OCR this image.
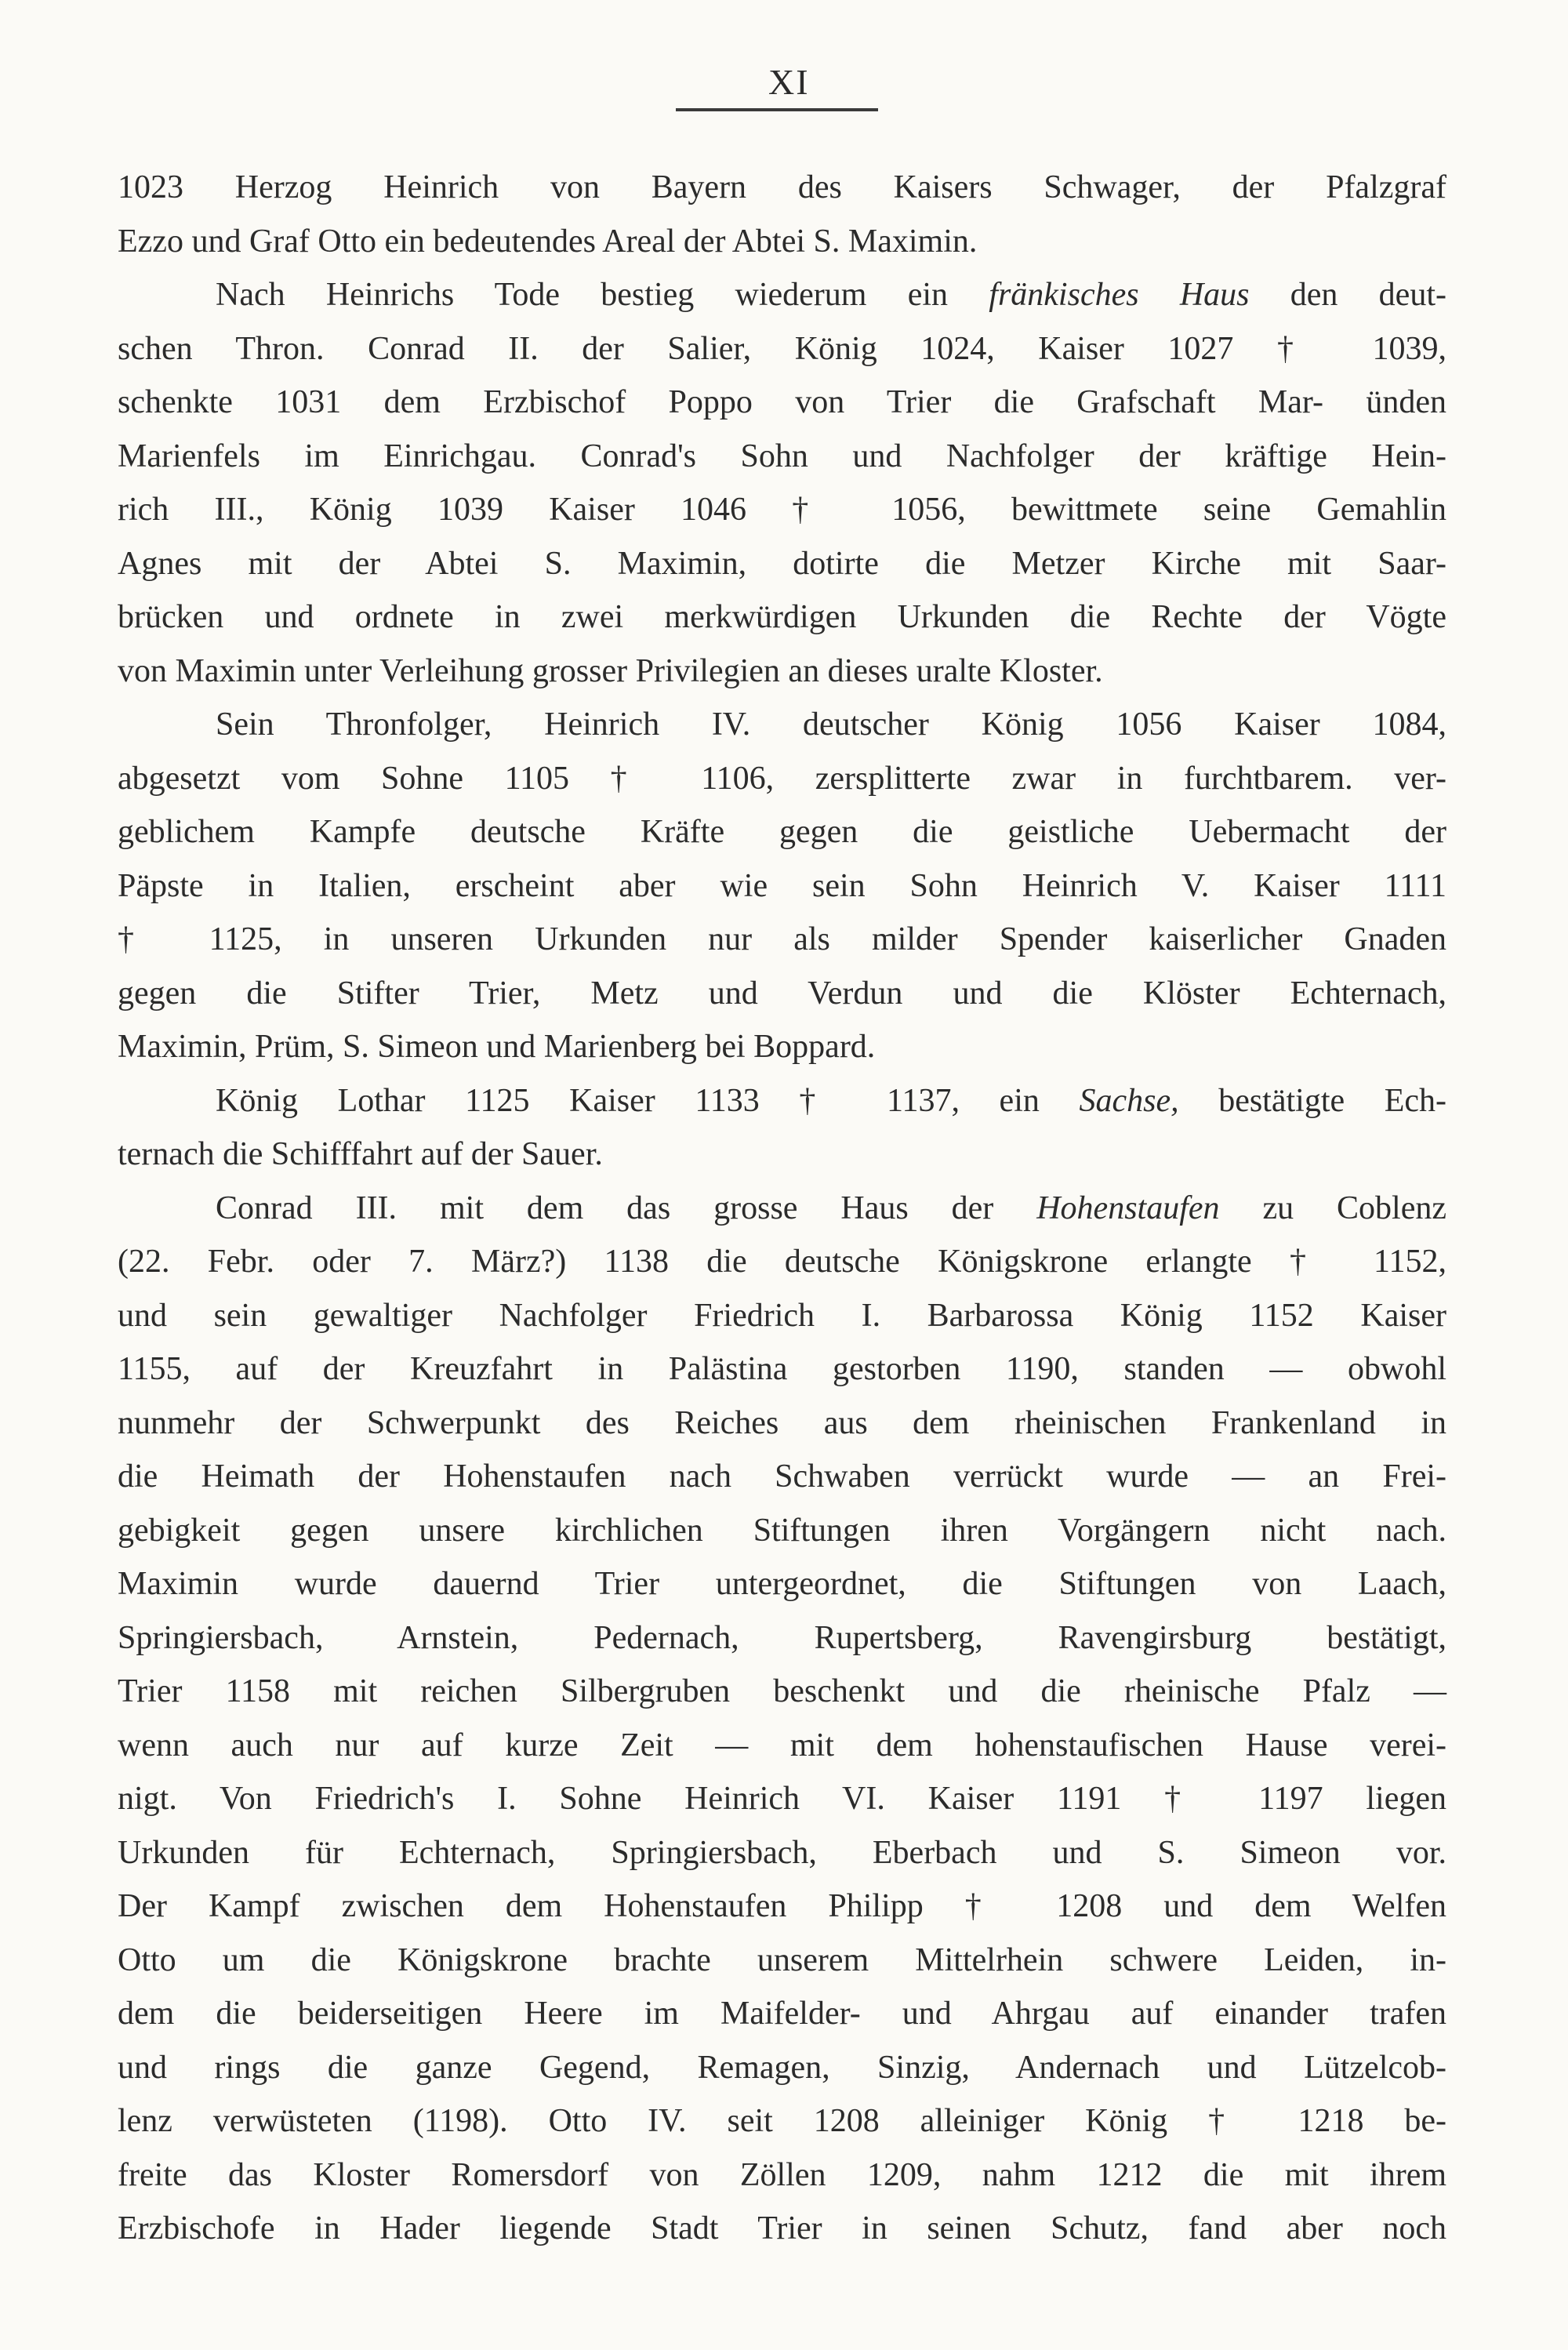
XI
1023 Herzog Heinrich von Bayern des Kaisers Schwager, der Pfalzgraf
Ezzo und Graf Otto ein bedeutendes Areal der Abtei S. Maximin.
Nach Heinrichs Tode bestieg wiederum ein fränkisches Haus den deut-
schen Thron. Conrad II. der Salier, König 1024, Kaiser 1027 † 1039,
schenkte 1031 dem Erzbischof Poppo von Trier die Grafschaft Mar- ünden
Marienfels im Einrichgau. Conrad's Sohn und Nachfolger der kräftige Hein-
rich III., König 1039 Kaiser 1046 † 1056, bewittmete seine Gemahlin
Agnes mit der Abtei S. Maximin, dotirte die Metzer Kirche mit Saar-
brücken und ordnete in zwei merkwürdigen Urkunden die Rechte der Vögte
von Maximin unter Verleihung grosser Privilegien an dieses uralte Kloster.
Sein Thronfolger, Heinrich IV. deutscher König 1056 Kaiser 1084,
abgesetzt vom Sohne 1105 † 1106, zersplitterte zwar in furchtbarem. ver-
geblichem Kampfe deutsche Kräfte gegen die geistliche Uebermacht der
Päpste in Italien, erscheint aber wie sein Sohn Heinrich V. Kaiser 1111
† 1125, in unseren Urkunden nur als milder Spender kaiserlicher Gnaden
gegen die Stifter Trier, Metz und Verdun und die Klöster Echternach,
Maximin, Prüm, S. Simeon und Marienberg bei Boppard.
König Lothar 1125 Kaiser 1133 † 1137, ein Sachse, bestätigte Ech-
ternach die Schifffahrt auf der Sauer.
Conrad III. mit dem das grosse Haus der Hohenstaufen zu Coblenz
(22. Febr. oder 7. März?) 1138 die deutsche Königskrone erlangte † 1152,
und sein gewaltiger Nachfolger Friedrich I. Barbarossa König 1152 Kaiser
1155, auf der Kreuzfahrt in Palästina gestorben 1190, standen — obwohl
nunmehr der Schwerpunkt des Reiches aus dem rheinischen Frankenland in
die Heimath der Hohenstaufen nach Schwaben verrückt wurde — an Frei-
gebigkeit gegen unsere kirchlichen Stiftungen ihren Vorgängern nicht nach.
Maximin wurde dauernd Trier untergeordnet, die Stiftungen von Laach,
Springiersbach, Arnstein, Pedernach, Rupertsberg, Ravengirsburg bestätigt,
Trier 1158 mit reichen Silbergruben beschenkt und die rheinische Pfalz —
wenn auch nur auf kurze Zeit — mit dem hohenstaufischen Hause verei-
nigt. Von Friedrich's I. Sohne Heinrich VI. Kaiser 1191 † 1197 liegen
Urkunden für Echternach, Springiersbach, Eberbach und S. Simeon vor.
Der Kampf zwischen dem Hohenstaufen Philipp † 1208 und dem Welfen
Otto um die Königskrone brachte unserem Mittelrhein schwere Leiden, in-
dem die beiderseitigen Heere im Maifelder- und Ahrgau auf einander trafen
und rings die ganze Gegend, Remagen, Sinzig, Andernach und Lützelcob-
lenz verwüsteten (1198). Otto IV. seit 1208 alleiniger König † 1218 be-
freite das Kloster Romersdorf von Zöllen 1209, nahm 1212 die mit ihrem
Erzbischofe in Hader liegende Stadt Trier in seinen Schutz, fand aber noch
